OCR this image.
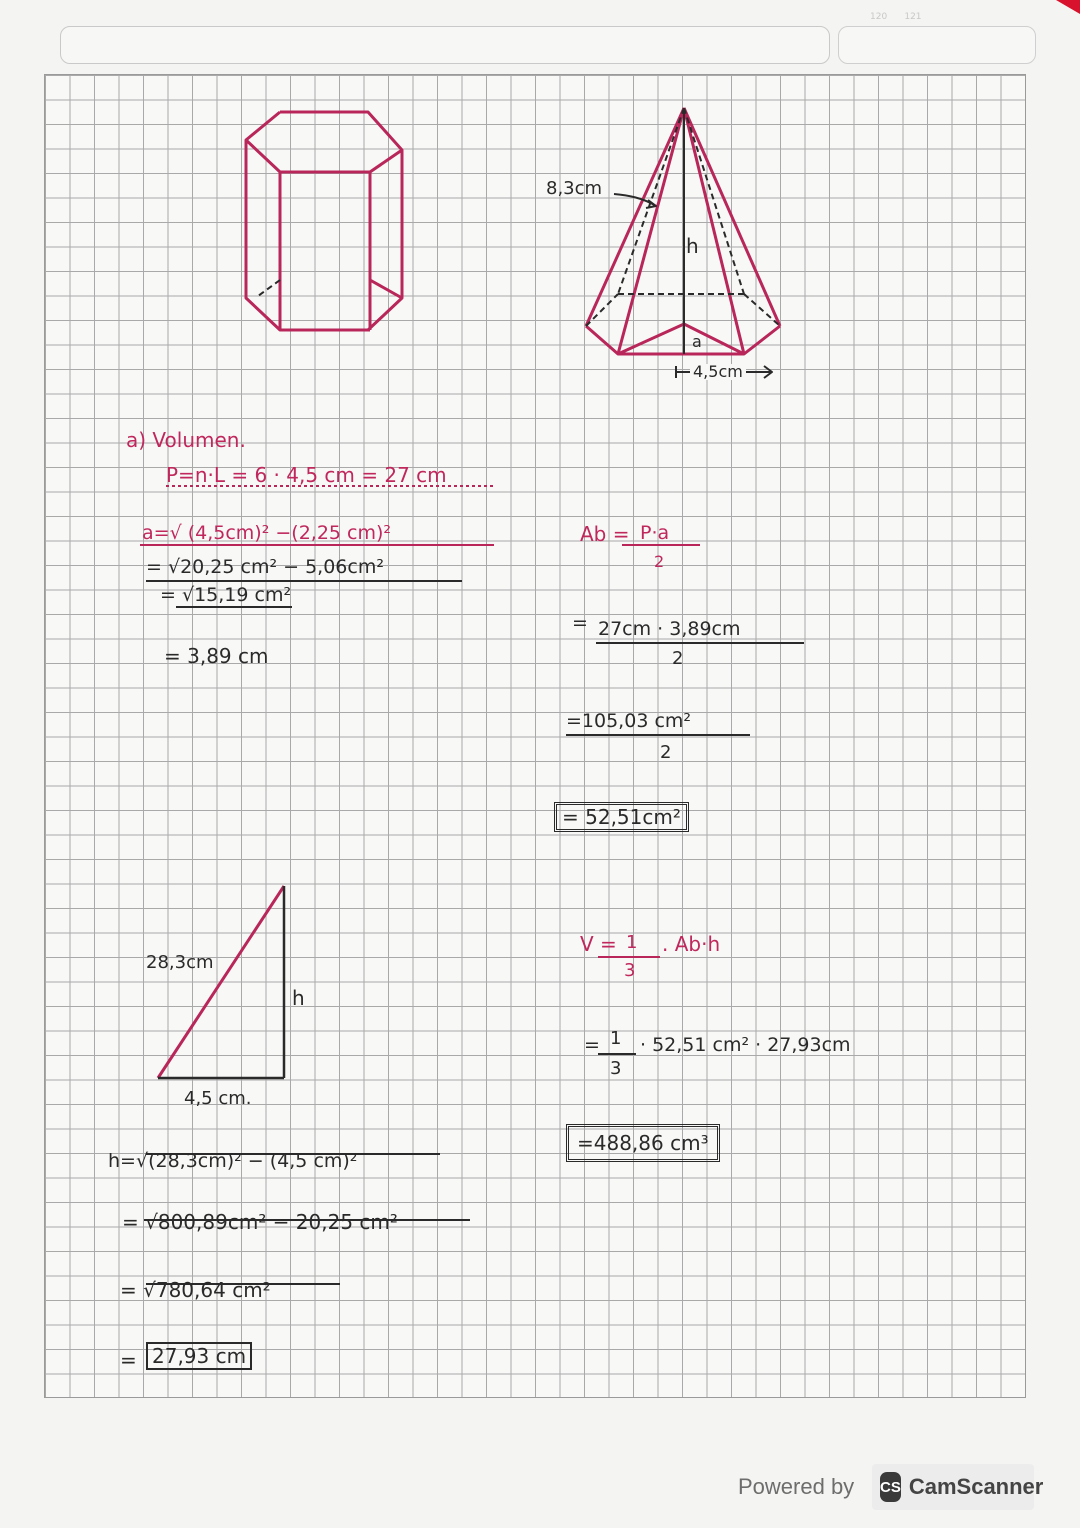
120      121
8,3cm
h
a
4,5cm
28,3cm
h
4,5 cm.
a) Volumen.
P=n·L = 6 · 4,5 cm = 27 cm
a=√ (4,5cm)² −(2,25 cm)²
= √20,25 cm² − 5,06cm²
= √15,19 cm²
= 3,89 cm
h=√(28,3cm)² − (4,5 cm)²
= √800,89cm² − 20,25 cm²
= √780,64 cm²
= 27,93 cm
Ab = P·a
2
= 27cm · 3,89cm
2
=105,03 cm²
2
= 52,51cm²
V = 1
3
. Ab·h
= 1
3
· 52,51 cm² · 27,93cm
=488,86 cm³
Powered by CS CamScanner
